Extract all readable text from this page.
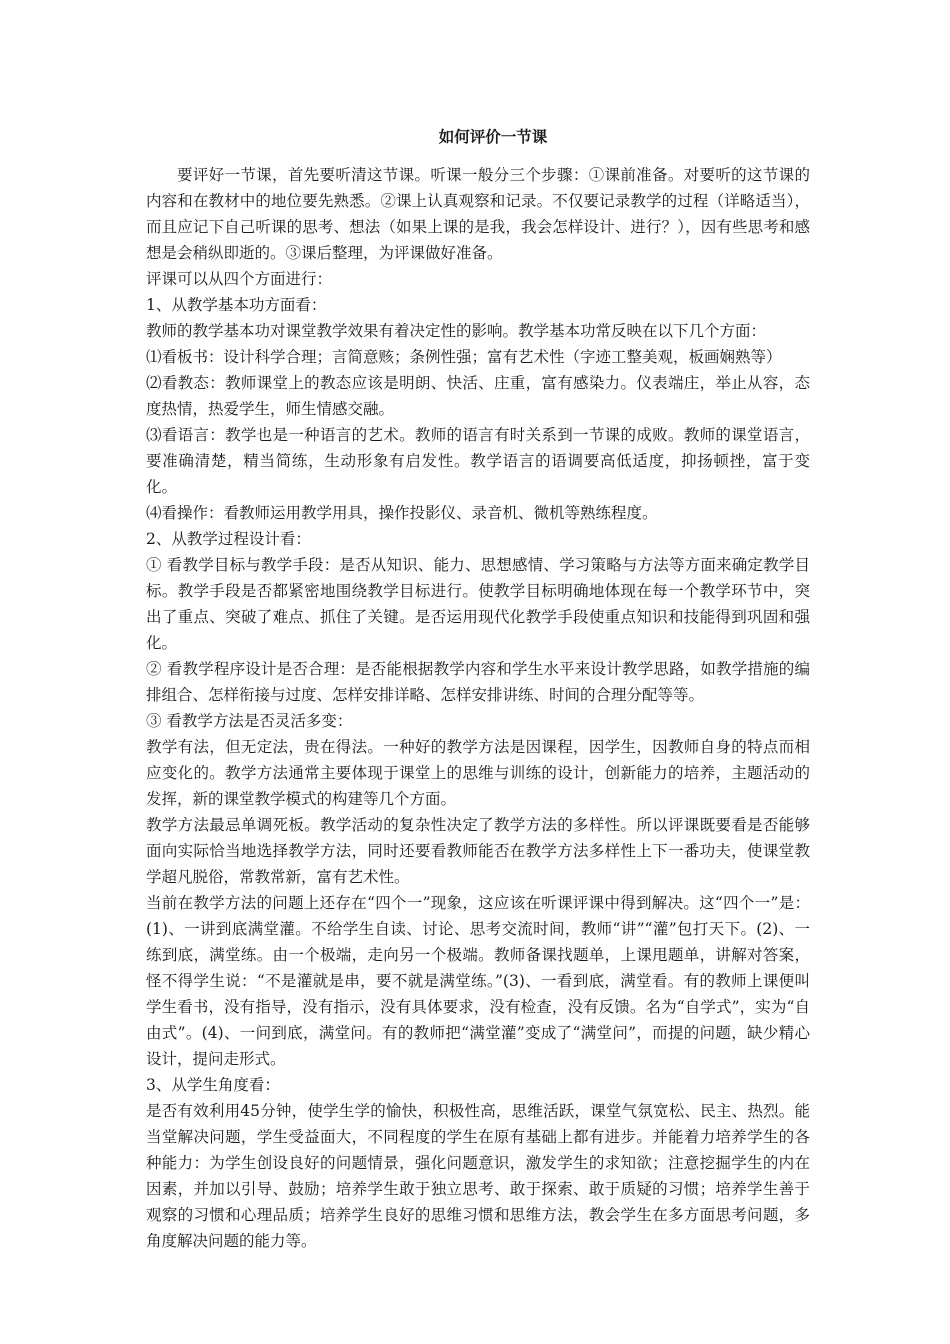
如何评价一节课

要评好一节课，首先要听清这节课。听课一般分三个步骤：①课前准备。对要听的这节课的内容和在教材中的地位要先熟悉。②课上认真观察和记录。不仅要记录教学的过程（详略适当），而且应记下自己听课的思考、想法（如果上课的是我，我会怎样设计、进行？），因有些思考和感想是会稍纵即逝的。③课后整理，为评课做好准备。

评课可以从四个方面进行：

1、从教学基本功方面看：

教师的教学基本功对课堂教学效果有着决定性的影响。教学基本功常反映在以下几个方面：

⑴看板书：设计科学合理；言简意赅；条例性强；富有艺术性（字迹工整美观，板画娴熟等）

⑵看教态：教师课堂上的教态应该是明朗、快活、庄重，富有感染力。仪表端庄，举止从容，态度热情，热爱学生，师生情感交融。

⑶看语言：教学也是一种语言的艺术。教师的语言有时关系到一节课的成败。教师的课堂语言，要准确清楚，精当简练，生动形象有启发性。教学语言的语调要高低适度，抑扬顿挫，富于变化。

⑷看操作：看教师运用教学用具，操作投影仪、录音机、微机等熟练程度。

2、从教学过程设计看：

① 看教学目标与教学手段：是否从知识、能力、思想感情、学习策略与方法等方面来确定教学目标。教学手段是否都紧密地围绕教学目标进行。使教学目标明确地体现在每一个教学环节中，突出了重点、突破了难点、抓住了关键。是否运用现代化教学手段使重点知识和技能得到巩固和强化。

② 看教学程序设计是否合理：是否能根据教学内容和学生水平来设计教学思路，如教学措施的编排组合、怎样衔接与过度、怎样安排详略、怎样安排讲练、时间的合理分配等等。

③ 看教学方法是否灵活多变：

教学有法，但无定法，贵在得法。一种好的教学方法是因课程，因学生，因教师自身的特点而相应变化的。教学方法通常主要体现于课堂上的思维与训练的设计，创新能力的培养，主题活动的发挥，新的课堂教学模式的构建等几个方面。

教学方法最忌单调死板。教学活动的复杂性决定了教学方法的多样性。所以评课既要看是否能够面向实际恰当地选择教学方法，同时还要看教师能否在教学方法多样性上下一番功夫，使课堂教学超凡脱俗，常教常新，富有艺术性。

当前在教学方法的问题上还存在“四个一”现象，这应该在听课评课中得到解决。这“四个一”是：(1)、一讲到底满堂灌。不给学生自读、讨论、思考交流时间，教师“讲”“灌”包打天下。(2)、一练到底，满堂练。由一个极端，走向另一个极端。教师备课找题单，上课甩题单，讲解对答案，怪不得学生说：“不是灌就是串，要不就是满堂练。”(3)、一看到底，满堂看。有的教师上课便叫学生看书，没有指导，没有指示，没有具体要求，没有检查，没有反馈。名为“自学式”，实为“自由式”。(4)、一问到底，满堂问。有的教师把“满堂灌”变成了“满堂问”，而提的问题，缺少精心设计，提问走形式。

3、从学生角度看：

是否有效利用45分钟，使学生学的愉快，积极性高，思维活跃，课堂气氛宽松、民主、热烈。能当堂解决问题，学生受益面大，不同程度的学生在原有基础上都有进步。并能着力培养学生的各种能力：为学生创设良好的问题情景，强化问题意识，激发学生的求知欲；注意挖掘学生的内在因素，并加以引导、鼓励；培养学生敢于独立思考、敢于探索、敢于质疑的习惯；培养学生善于观察的习惯和心理品质；培养学生良好的思维习惯和思维方法，教会学生在多方面思考问题，多角度解决问题的能力等。
